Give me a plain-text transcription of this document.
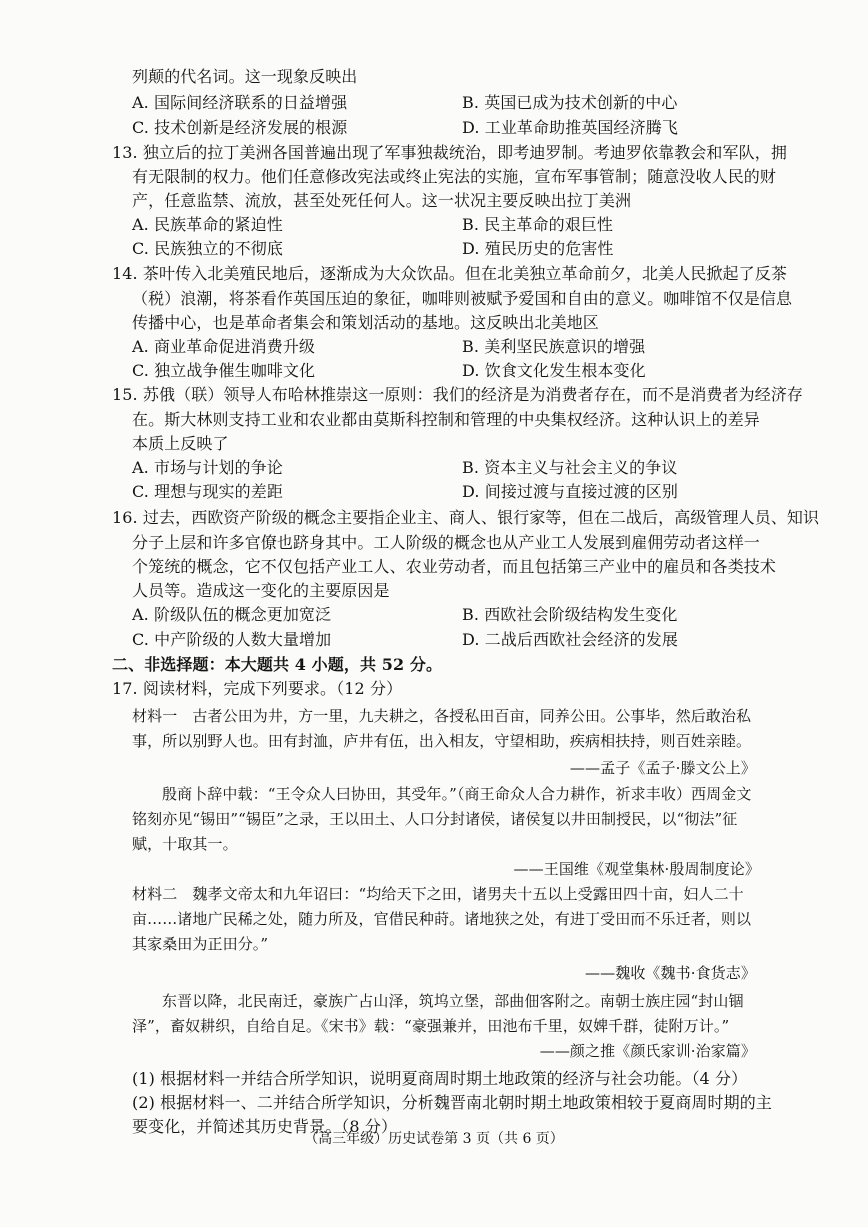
列颠的代名词。这一现象反映出
A. 国际间经济联系的日益增强	B. 英国已成为技术创新的中心
C. 技术创新是经济发展的根源	D. 工业革命助推英国经济腾飞
13. 独立后的拉丁美洲各国普遍出现了军事独裁统治，即考迪罗制。考迪罗依靠教会和军队，拥
有无限制的权力。他们任意修改宪法或终止宪法的实施，宣布军事管制；随意没收人民的财
产，任意监禁、流放，甚至处死任何人。这一状况主要反映出拉丁美洲
A. 民族革命的紧迫性	B. 民主革命的艰巨性
C. 民族独立的不彻底	D. 殖民历史的危害性
14. 茶叶传入北美殖民地后，逐渐成为大众饮品。但在北美独立革命前夕，北美人民掀起了反茶
（税）浪潮，将茶看作英国压迫的象征，咖啡则被赋予爱国和自由的意义。咖啡馆不仅是信息
传播中心，也是革命者集会和策划活动的基地。这反映出北美地区
A. 商业革命促进消费升级	B. 美利坚民族意识的增强
C. 独立战争催生咖啡文化	D. 饮食文化发生根本变化
15. 苏俄（联）领导人布哈林推崇这一原则：我们的经济是为消费者存在，而不是消费者为经济存
在。斯大林则支持工业和农业都由莫斯科控制和管理的中央集权经济。这种认识上的差异
本质上反映了
A. 市场与计划的争论	B. 资本主义与社会主义的争议
C. 理想与现实的差距	D. 间接过渡与直接过渡的区别
16. 过去，西欧资产阶级的概念主要指企业主、商人、银行家等，但在二战后，高级管理人员、知识
分子上层和许多官僚也跻身其中。工人阶级的概念也从产业工人发展到雇佣劳动者这样一
个笼统的概念，它不仅包括产业工人、农业劳动者，而且包括第三产业中的雇员和各类技术
人员等。造成这一变化的主要原因是
A. 阶级队伍的概念更加宽泛	B. 西欧社会阶级结构发生变化
C. 中产阶级的人数大量增加	D. 二战后西欧社会经济的发展
二、非选择题：本大题共 4 小题，共 52 分。
17. 阅读材料，完成下列要求。（12 分）
材料一　古者公田为井，方一里，九夫耕之，各授私田百亩，同养公田。公事毕，然后敢治私
事，所以别野人也。田有封洫，庐井有伍，出入相友，守望相助，疾病相扶持，则百姓亲睦。
——孟子《孟子·滕文公上》
殷商卜辞中载：“王令众人曰协田，其受年。”（商王命众人合力耕作，祈求丰收）西周金文
铭刻亦见“锡田”“锡臣”之录，王以田土、人口分封诸侯，诸侯复以井田制授民，以“彻法”征
赋，十取其一。
——王国维《观堂集林·殷周制度论》
材料二　魏孝文帝太和九年诏曰：“均给天下之田，诸男夫十五以上受露田四十亩，妇人二十
亩……诸地广民稀之处，随力所及，官借民种莳。诸地狭之处，有进丁受田而不乐迁者，则以
其家桑田为正田分。”
——魏收《魏书·食货志》
东晋以降，北民南迁，豪族广占山泽，筑坞立堡，部曲佃客附之。南朝士族庄园“封山锢
泽”，畜奴耕织，自给自足。《宋书》载：“豪强兼并，田池布千里，奴婢千群，徒附万计。”
——颜之推《颜氏家训·治家篇》
(1) 根据材料一并结合所学知识，说明夏商周时期土地政策的经济与社会功能。（4 分）
(2) 根据材料一、二并结合所学知识，分析魏晋南北朝时期土地政策相较于夏商周时期的主
要变化，并简述其历史背景。（8 分）
（高三年级）历史试卷第 3 页（共 6 页）
